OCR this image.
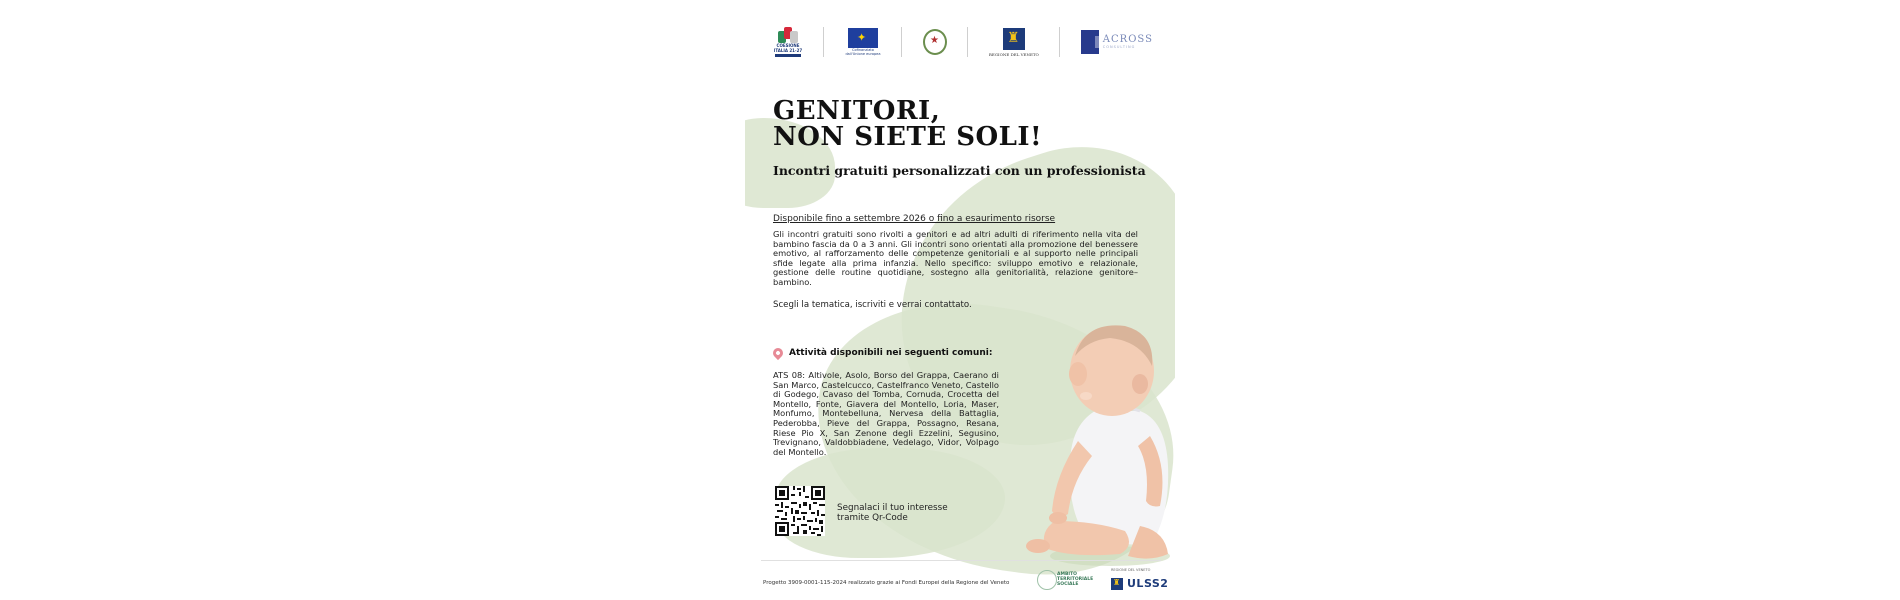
COESIONE ITALIA 21-27
✦	Cofinanziato dall'Unione europea
★
♜	REGIONE DEL VENETO
ACROSS
CONSULTING
GENITORI,
NON SIETE SOLI!
Incontri gratuiti personalizzati con un professionista
Disponibile fino a settembre 2026 o fino a esaurimento risorse

Gli incontri gratuiti sono rivolti a genitori e ad altri adulti di riferimento nella vita del bambino fascia da 0 a 3 anni. Gli incontri sono orientati alla promozione del benessere emotivo, al rafforzamento delle competenze genitoriali e al supporto nelle principali sfide legate alla prima infanzia. Nello specifico: sviluppo emotivo e relazionale, gestione delle routine quotidiane, sostegno alla genitorialità, relazione genitore–bambino.

Scegli la tematica, iscriviti e verrai contattato.
Attività disponibili nei seguenti comuni:

ATS 08: Altivole, Asolo, Borso del Grappa, Caerano di San Marco, Castelcucco, Castelfranco Veneto, Castello di Godego, Cavaso del Tomba, Cornuda, Crocetta del Montello, Fonte, Giavera del Montello, Loria, Maser, Monfumo, Montebelluna, Nervesa della Battaglia, Pederobba, Pieve del Grappa, Possagno, Resana, Riese Pio X, San Zenone degli Ezzelini, Segusino, Trevignano, Valdobbiadene, Vedelago, Vidor, Volpago del Montello.

Segnalaci il tuo interesse
tramite Qr-Code
Progetto 3909-0001-115-2024 realizzato grazie ai Fondi Europei della Regione del Veneto
AMBITO
TERRITORIALE
SOCIALE
REGIONE DEL VENETO
♜
ULSS2
